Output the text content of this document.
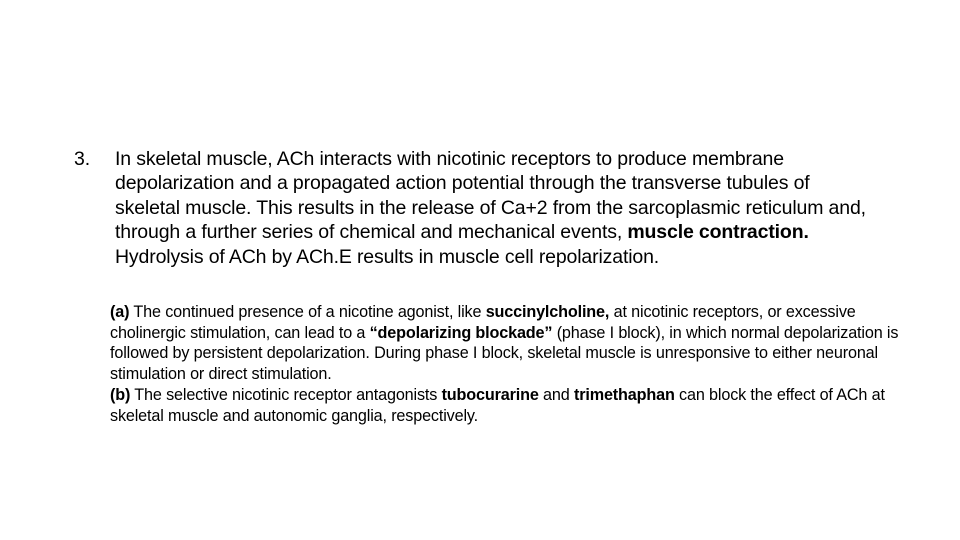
3.	In skeletal muscle, ACh interacts with nicotinic receptors to produce membrane depolarization and a propagated action potential through the transverse tubules of skeletal muscle. This results in the release of Ca+2 from the sarcoplasmic reticulum and, through a further series of chemical and mechanical events, muscle contraction. Hydrolysis of ACh by ACh.E results in muscle cell repolarization.

(a) The continued presence of a nicotine agonist, like succinylcholine, at nicotinic receptors, or excessive cholinergic stimulation, can lead to a “depolarizing blockade” (phase I block), in which normal depolarization is followed by persistent depolarization. During phase I block, skeletal muscle is unresponsive to either neuronal stimulation or direct stimulation.

(b) The selective nicotinic receptor antagonists tubocurarine and trimethaphan can block the effect of ACh at skeletal muscle and autonomic ganglia, respectively.
